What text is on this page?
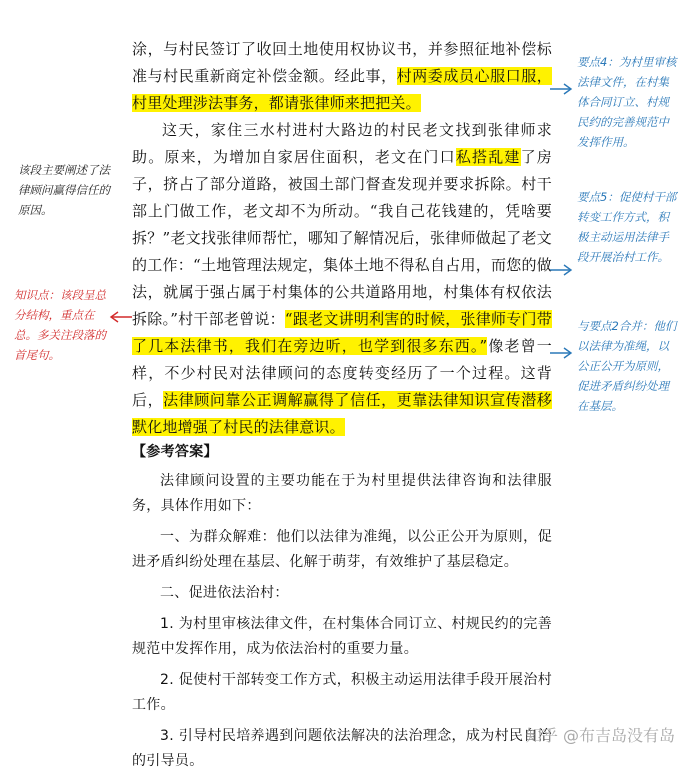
涂，与村民签订了收回土地使用权协议书，并参照征地补偿标准与村民重新商定补偿金额。经此事，村两委成员心服口服，村里处理涉法事务，都请张律师来把把关。

这天，家住三水村进村大路边的村民老文找到张律师求助。原来，为增加自家居住面积，老文在门口私搭乱建了房子，挤占了部分道路，被国土部门督查发现并要求拆除。村干部上门做工作，老文却不为所动。“我自己花钱建的，凭啥要拆？”老文找张律师帮忙，哪知了解情况后，张律师做起了老文的工作：“土地管理法规定，集体土地不得私自占用，而您的做法，就属于强占属于村集体的公共道路用地，村集体有权依法拆除。”村干部老曾说：“跟老文讲明利害的时候，张律师专门带了几本法律书，我们在旁边听，也学到很多东西。”像老曾一样，不少村民对法律顾问的态度转变经历了一个过程。这背后，法律顾问靠公正调解赢得了信任，更靠法律知识宣传潜移默化地增强了村民的法律意识。

该段主要阐述了法律顾问赢得信任的原因。
知识点：该段呈总分结构，重点在总。多关注段落的首尾句。
要点4：为村里审核法律文件，在村集体合同订立、村规民约的完善规范中发挥作用。
要点5：促使村干部转变工作方式，积极主动运用法律手段开展治村工作。
与要点2合并：他们以法律为准绳，以公正公开为原则，促进矛盾纠纷处理在基层。

【参考答案】

法律顾问设置的主要功能在于为村里提供法律咨询和法律服务，具体作用如下：

一、为群众解难：他们以法律为准绳，以公正公开为原则，促进矛盾纠纷处理在基层、化解于萌芽，有效维护了基层稳定。

二、促进依法治村：

1. 为村里审核法律文件，在村集体合同订立、村规民约的完善规范中发挥作用，成为依法治村的重要力量。

2. 促使村干部转变工作方式，积极主动运用法律手段开展治村工作。

3. 引导村民培养遇到问题依法解决的法治理念，成为村民自治的引导员。

知乎 @布吉岛没有岛
